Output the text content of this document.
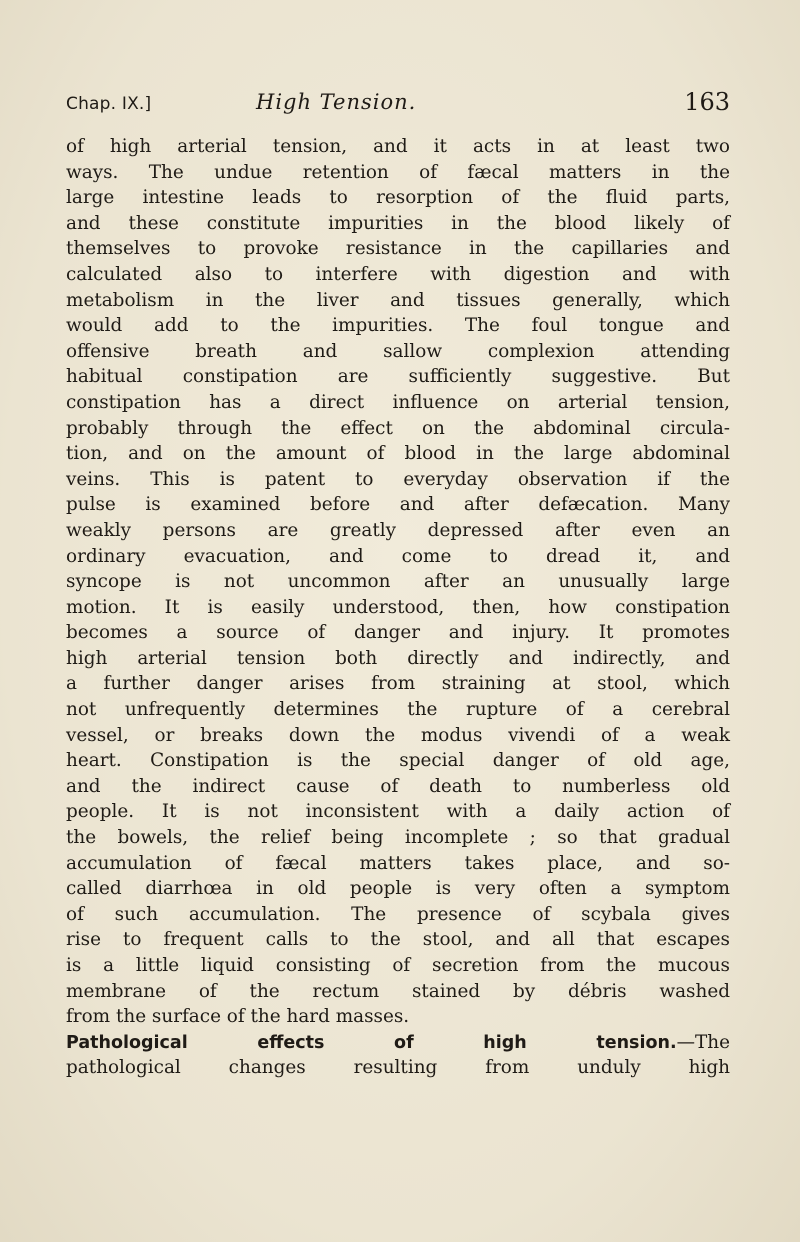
Chap. IX.]	High Tension.	163
of high arterial tension, and it acts in at least two
ways. The undue retention of fæcal matters in the
large intestine leads to resorption of the fluid parts,
and these constitute impurities in the blood likely of
themselves to provoke resistance in the capillaries and
calculated also to interfere with digestion and with
metabolism in the liver and tissues generally, which
would add to the impurities. The foul tongue and
offensive breath and sallow complexion attending
habitual constipation are sufficiently suggestive. But
constipation has a direct influence on arterial tension,
probably through the effect on the abdominal circula-
tion, and on the amount of blood in the large abdominal
veins. This is patent to everyday observation if the
pulse is examined before and after defæcation. Many
weakly persons are greatly depressed after even an
ordinary evacuation, and come to dread it, and
syncope is not uncommon after an unusually large
motion. It is easily understood, then, how constipation
becomes a source of danger and injury. It promotes
high arterial tension both directly and indirectly, and
a further danger arises from straining at stool, which
not unfrequently determines the rupture of a cerebral
vessel, or breaks down the modus vivendi of a weak
heart. Constipation is the special danger of old age,
and the indirect cause of death to numberless old
people. It is not inconsistent with a daily action of
the bowels, the relief being incomplete ; so that gradual
accumulation of fæcal matters takes place, and so-
called diarrhœa in old people is very often a symptom
of such accumulation. The presence of scybala gives
rise to frequent calls to the stool, and all that escapes
is a little liquid consisting of secretion from the mucous
membrane of the rectum stained by débris washed
from the surface of the hard masses.
Pathological effects of high tension.—The
pathological changes resulting from unduly high
